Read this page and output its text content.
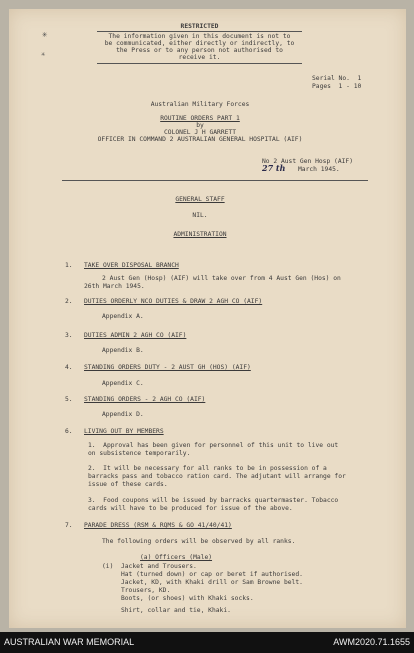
✳
✳
RESTRICTED
The information given in this document is not to
be communicated, either directly or indirectly, to
the Press or to any person not authorised to
receive it.
Serial No.  1
Pages  1 - 10
Australian Military Forces
ROUTINE ORDERS PART 1
by
COLONEL J H GARRETT
OFFICER IN COMMAND 2 AUSTRALIAN GENERAL HOSPITAL (AIF)
No 2 Aust Gen Hosp (AIF)
27 th March 1945.
GENERAL STAFF
NIL.
ADMINISTRATION
1. TAKE OVER DISPOSAL BRANCH
2 Aust Gen (Hosp) (AIF) will take over from 4 Aust Gen (Hos) on
26th March 1945.
2. DUTIES ORDERLY NCO DUTIES & DRAW 2 AGH CO (AIF)
Appendix A.
3. DUTIES ADMIN 2 AGH CO (AIF)
Appendix B.
4. STANDING ORDERS DUTY - 2 AUST GH (HOS) (AIF)
Appendix C.
5. STANDING ORDERS - 2 AGH CO (AIF)
Appendix D.
6. LIVING OUT BY MEMBERS
1.  Approval has been given for personnel of this unit to live out
on subsistence temporarily.
2.  It will be necessary for all ranks to be in possession of a
barracks pass and tobacco ration card. The adjutant will arrange for
issue of these cards.
3.  Food coupons will be issued by barracks quartermaster. Tobacco
cards will have to be produced for issue of the above.
7. PARADE DRESS (RSM & RQMS & GO 41/40/41)
The following orders will be observed by all ranks.
(a) Officers (Male)
(i)  Jacket and Trousers.
Hat (turned down) or cap or beret if authorised.
Jacket, KD, with Khaki drill or Sam Browne belt.
Trousers, KD.
Boots, (or shoes) with Khaki socks.
Shirt, collar and tie, Khaki.
AUSTRALIAN WAR MEMORIAL	AWM2020.71.1655
